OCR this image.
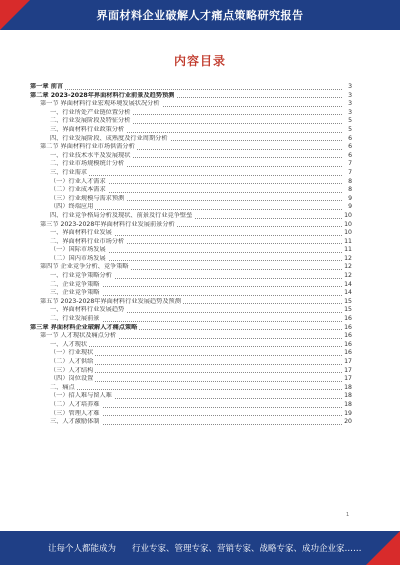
界面材料企业破解人才痛点策略研究报告
内容目录
第一章 前言	3
第二章 2023-2028年界面材料行业前景及趋势预测	3
第一节 界面材料行业宏观环境发展状况分析	3
一、行业所处产业链位置分析	3
二、行业发展阶段及特征分析	5
三、界面材料行业政策分析	5
四、行业发展阶段、成熟度及行业周期分析	6
第二节 界面材料行业市场供需分析	6
一、行业技术水平及发展现状	6
二、行业市场规模统计分析	7
三、行业需求	7
（一）行业人才需求	8
（二）行业成本需求	8
（三）行业规模与需求预测	9
（四）终端应用	9
四、行业竞争格局分析及现状、前景及行业竞争壁垒	10
第三节 2023-2028年界面材料行业发展前景分析	10
一、界面材料行业发展	10
二、界面材料行业市场分析	11
（一）国际市场发展	11
（二）国内市场发展	12
第四节 企业竞争分析、竞争策略	12
一、行业竞争策略分析	12
二、企业竞争策略	14
三、企业竞争策略	14
第五节 2023-2028年界面材料行业发展趋势及预测	15
一、界面材料行业发展趋势	15
二、行业发展前景	16
第三章 界面材料企业破解人才痛点策略	16
第一节 人才现状及痛点分析	16
一、人才现状	16
（一）行业现状	16
（二）人才供给	17
（三）人才结构	17
（四）岗位设置	17
二、痛点	18
（一）招人难与留人难	18
（二）人才培养难	18
（三）管理人才难	19
三、人才激励体制	20
1
让每个人都能成为 行业专家、管理专家、营销专家、战略专家、成功企业家……
